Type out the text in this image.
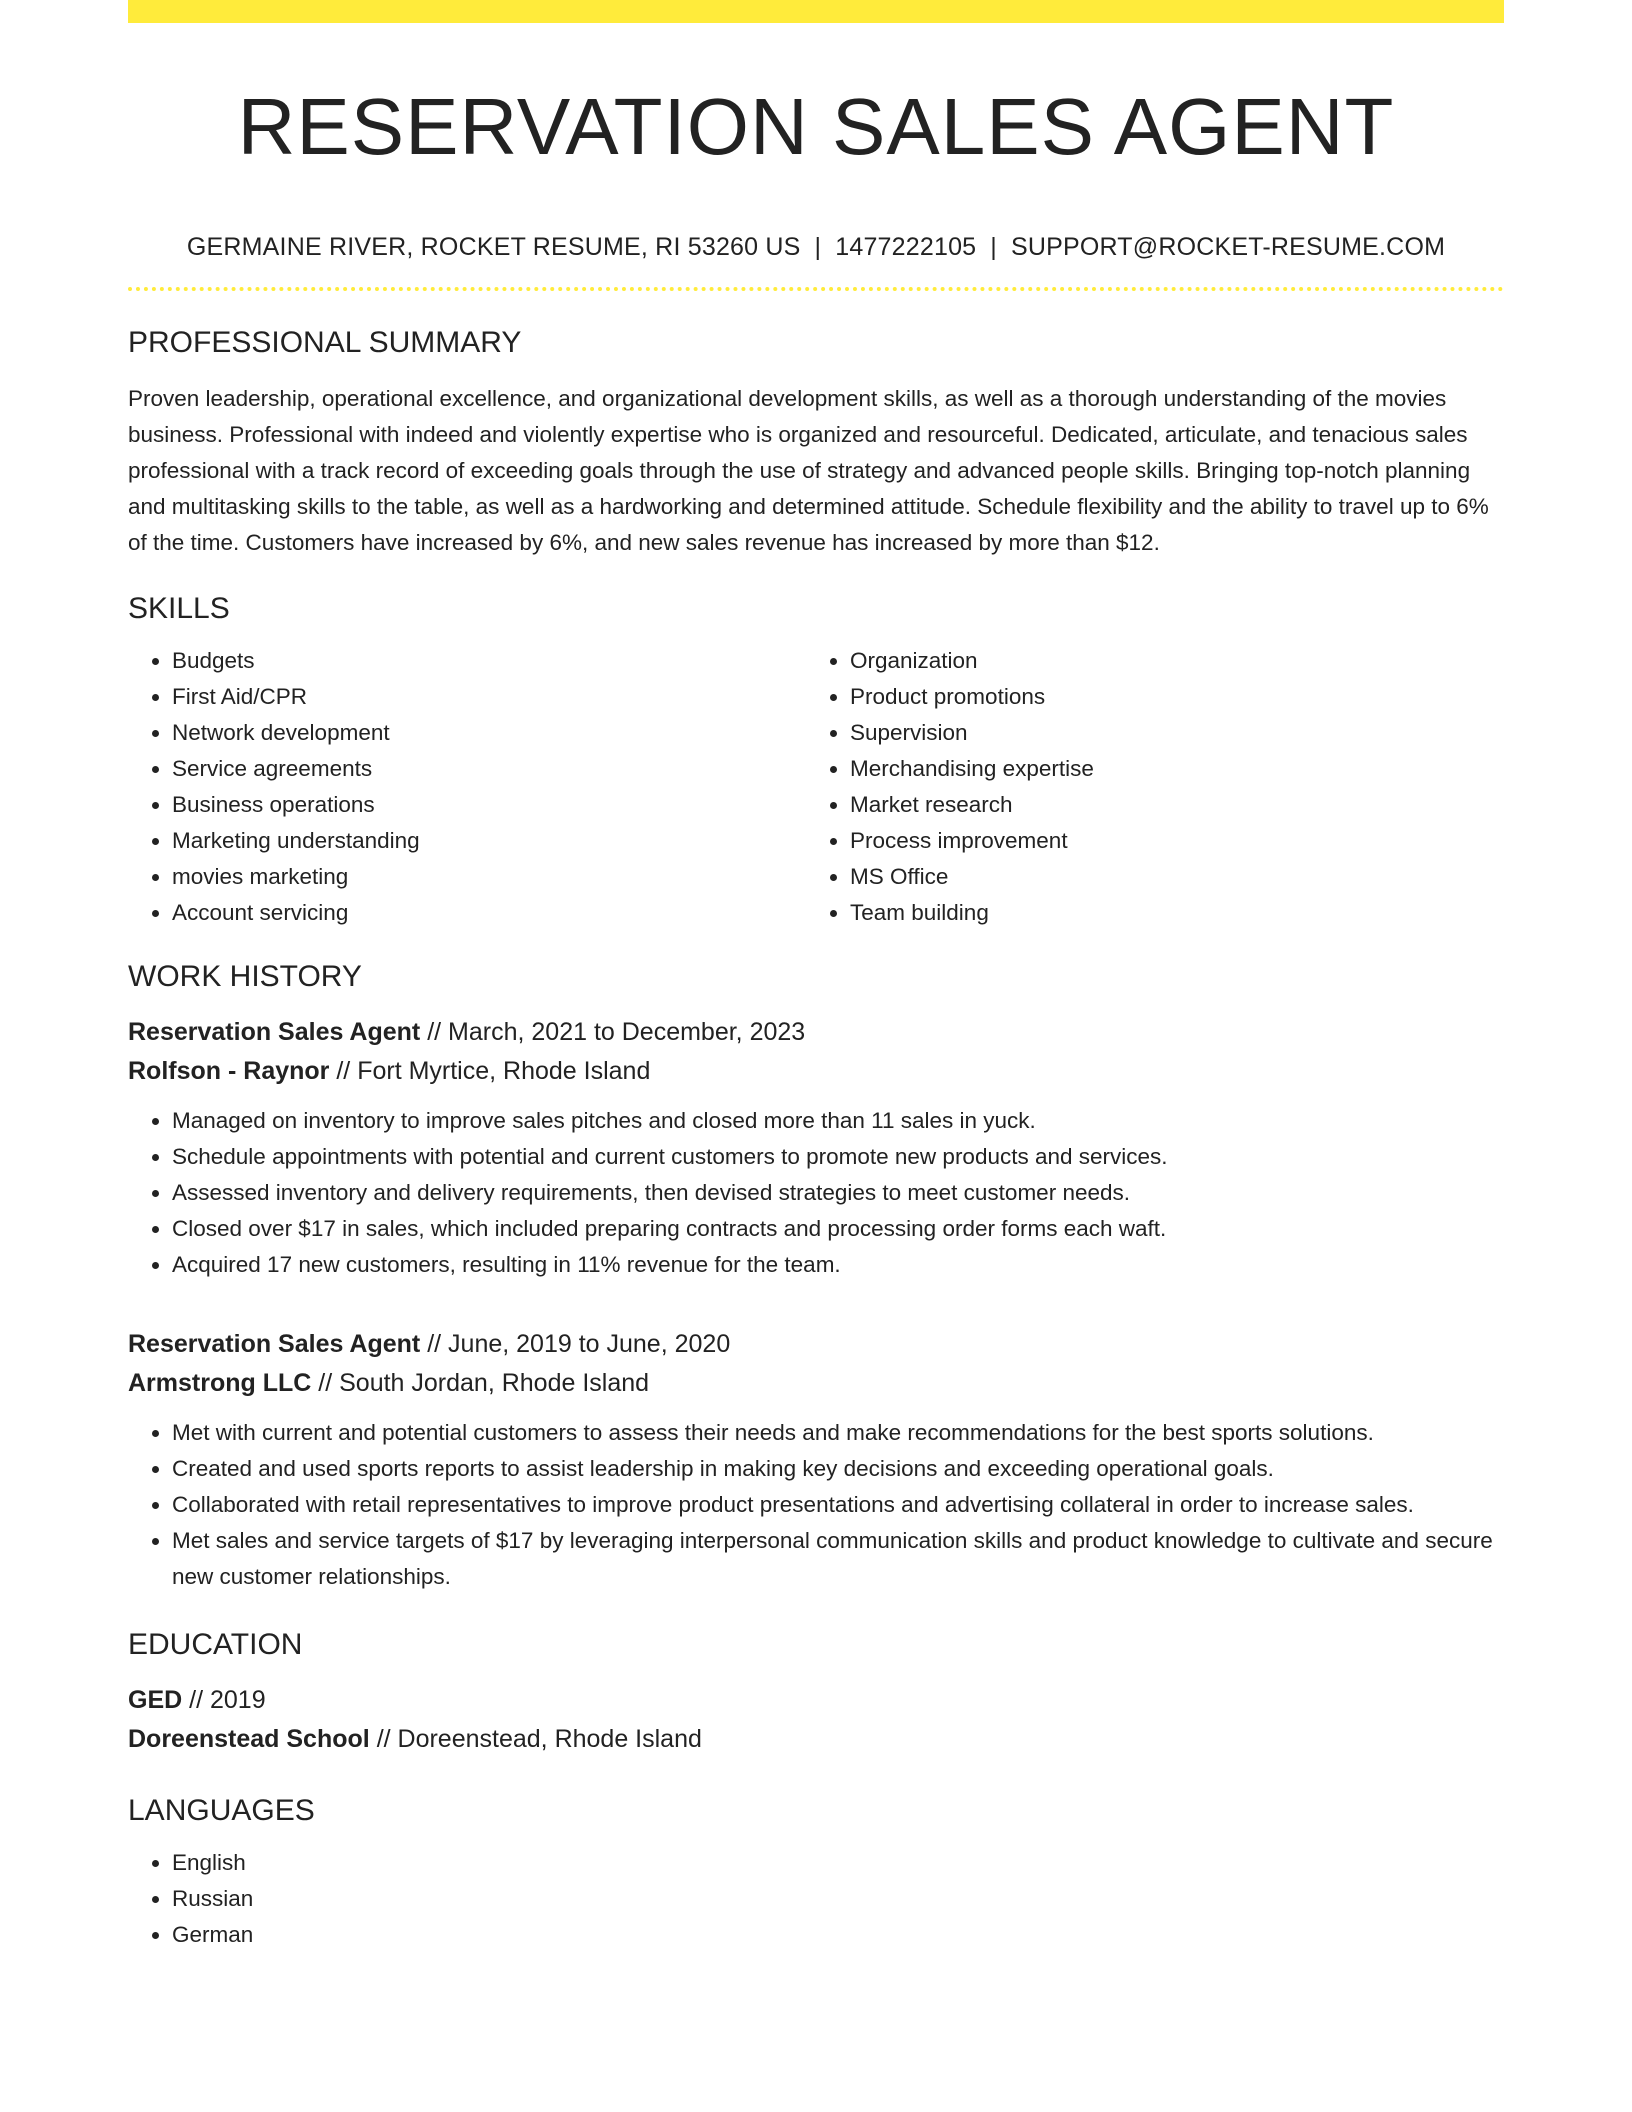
RESERVATION SALES AGENT
GERMAINE RIVER, ROCKET RESUME, RI 53260 US | 1477222105 | SUPPORT@ROCKET-RESUME.COM
PROFESSIONAL SUMMARY
Proven leadership, operational excellence, and organizational development skills, as well as a thorough understanding of the movies business. Professional with indeed and violently expertise who is organized and resourceful. Dedicated, articulate, and tenacious sales professional with a track record of exceeding goals through the use of strategy and advanced people skills. Bringing top-notch planning and multitasking skills to the table, as well as a hardworking and determined attitude. Schedule flexibility and the ability to travel up to 6% of the time. Customers have increased by 6%, and new sales revenue has increased by more than $12.
SKILLS
• Budgets
• First Aid/CPR
• Network development
• Service agreements
• Business operations
• Marketing understanding
• movies marketing
• Account servicing
• Organization
• Product promotions
• Supervision
• Merchandising expertise
• Market research
• Process improvement
• MS Office
• Team building
WORK HISTORY
Reservation Sales Agent // March, 2021 to December, 2023
Rolfson - Raynor // Fort Myrtice, Rhode Island
• Managed on inventory to improve sales pitches and closed more than 11 sales in yuck.
• Schedule appointments with potential and current customers to promote new products and services.
• Assessed inventory and delivery requirements, then devised strategies to meet customer needs.
• Closed over $17 in sales, which included preparing contracts and processing order forms each waft.
• Acquired 17 new customers, resulting in 11% revenue for the team.
Reservation Sales Agent // June, 2019 to June, 2020
Armstrong LLC // South Jordan, Rhode Island
• Met with current and potential customers to assess their needs and make recommendations for the best sports solutions.
• Created and used sports reports to assist leadership in making key decisions and exceeding operational goals.
• Collaborated with retail representatives to improve product presentations and advertising collateral in order to increase sales.
• Met sales and service targets of $17 by leveraging interpersonal communication skills and product knowledge to cultivate and secure new customer relationships.
EDUCATION
GED // 2019
Doreenstead School // Doreenstead, Rhode Island
LANGUAGES
• English
• Russian
• German
